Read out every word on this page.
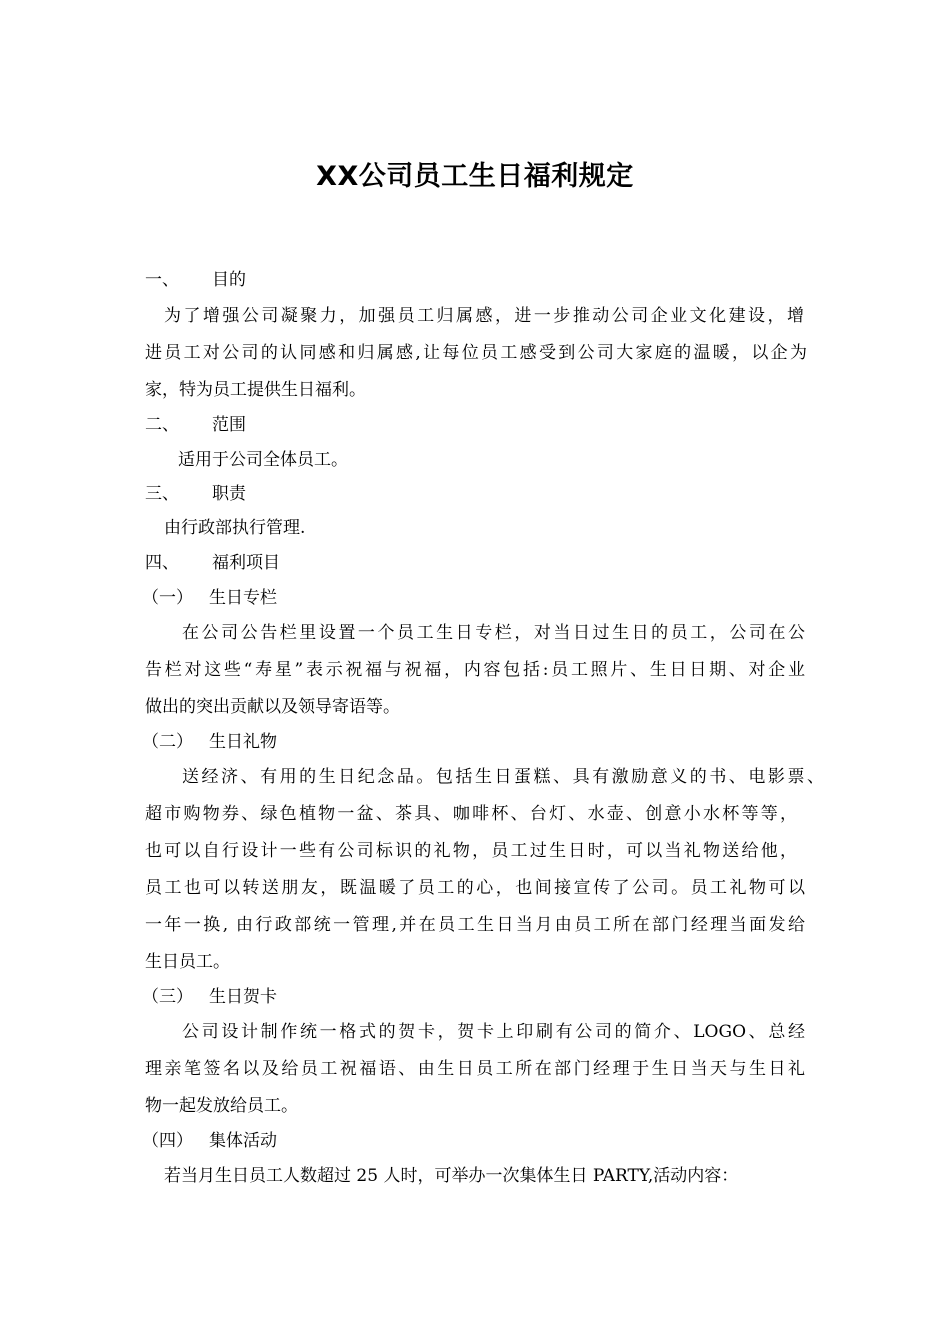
XX公司员工生日福利规定
一、 目的
为了增强公司凝聚力，加强员工归属感，进一步推动公司企业文化建设，增
进员工对公司的认同感和归属感,让每位员工感受到公司大家庭的温暖，以企为
家，特为员工提供生日福利。
二、 范围
适用于公司全体员工。
三、 职责
由行政部执行管理.
四、 福利项目
（一） 生日专栏
在公司公告栏里设置一个员工生日专栏，对当日过生日的员工，公司在公
告栏对这些“寿星”表示祝福与祝福，内容包括:员工照片、生日日期、对企业
做出的突出贡献以及领导寄语等。
（二） 生日礼物
送经济、有用的生日纪念品。包括生日蛋糕、具有激励意义的书、电影票、
超市购物券、绿色植物一盆、茶具、咖啡杯、台灯、水壶、创意小水杯等等，
也可以自行设计一些有公司标识的礼物，员工过生日时，可以当礼物送给他，
员工也可以转送朋友，既温暖了员工的心，也间接宣传了公司。员工礼物可以
一年一换, 由行政部统一管理,并在员工生日当月由员工所在部门经理当面发给
生日员工。
（三） 生日贺卡
公司设计制作统一格式的贺卡，贺卡上印刷有公司的简介、LOGO、总经
理亲笔签名以及给员工祝福语、由生日员工所在部门经理于生日当天与生日礼
物一起发放给员工。
（四） 集体活动
若当月生日员工人数超过 25 人时，可举办一次集体生日 PARTY,活动内容：
